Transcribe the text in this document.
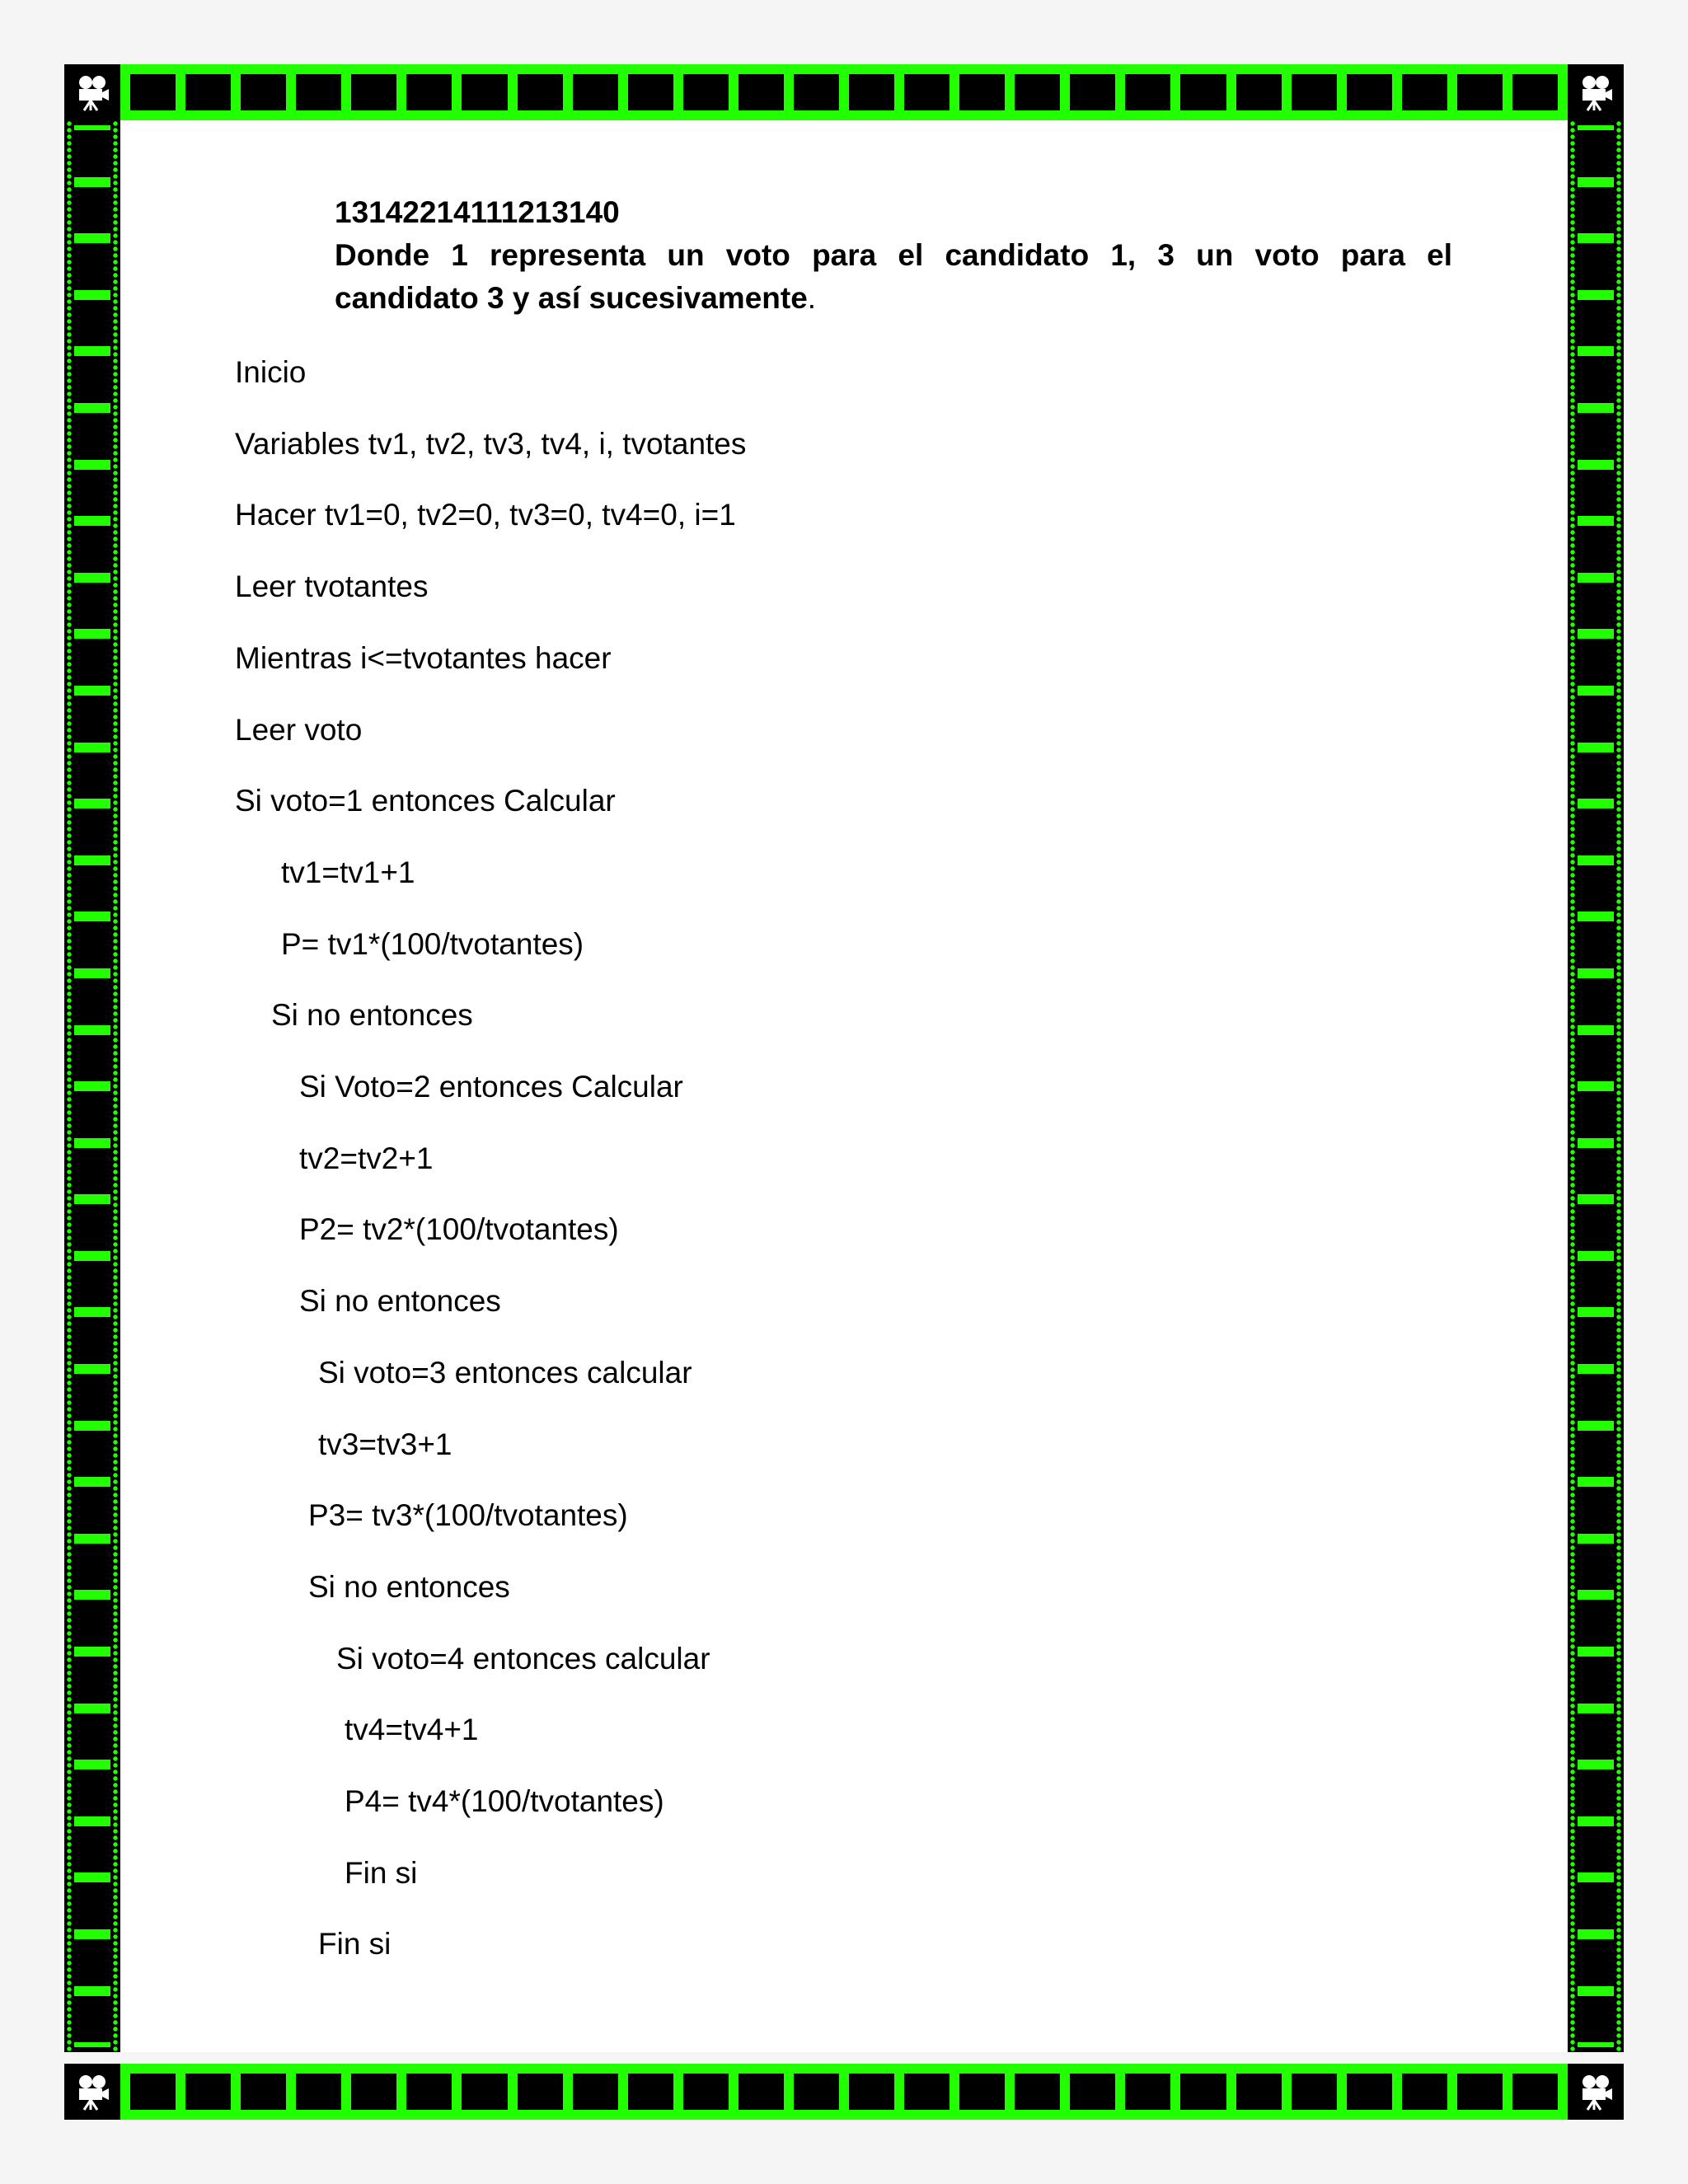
13142214111213140
Donde 1 representa un voto para el candidato 1, 3 un voto para el
candidato 3 y así sucesivamente.
Inicio
Variables tv1, tv2, tv3, tv4, i, tvotantes
Hacer tv1=0, tv2=0, tv3=0, tv4=0, i=1
Leer tvotantes
Mientras i<=tvotantes hacer
Leer voto
Si voto=1 entonces Calcular
tv1=tv1+1
P= tv1*(100/tvotantes)
Si no entonces
Si Voto=2 entonces Calcular
tv2=tv2+1
P2= tv2*(100/tvotantes)
Si no entonces
Si voto=3 entonces calcular
tv3=tv3+1
P3= tv3*(100/tvotantes)
Si no entonces
Si voto=4 entonces calcular
tv4=tv4+1
P4= tv4*(100/tvotantes)
Fin si
Fin si
